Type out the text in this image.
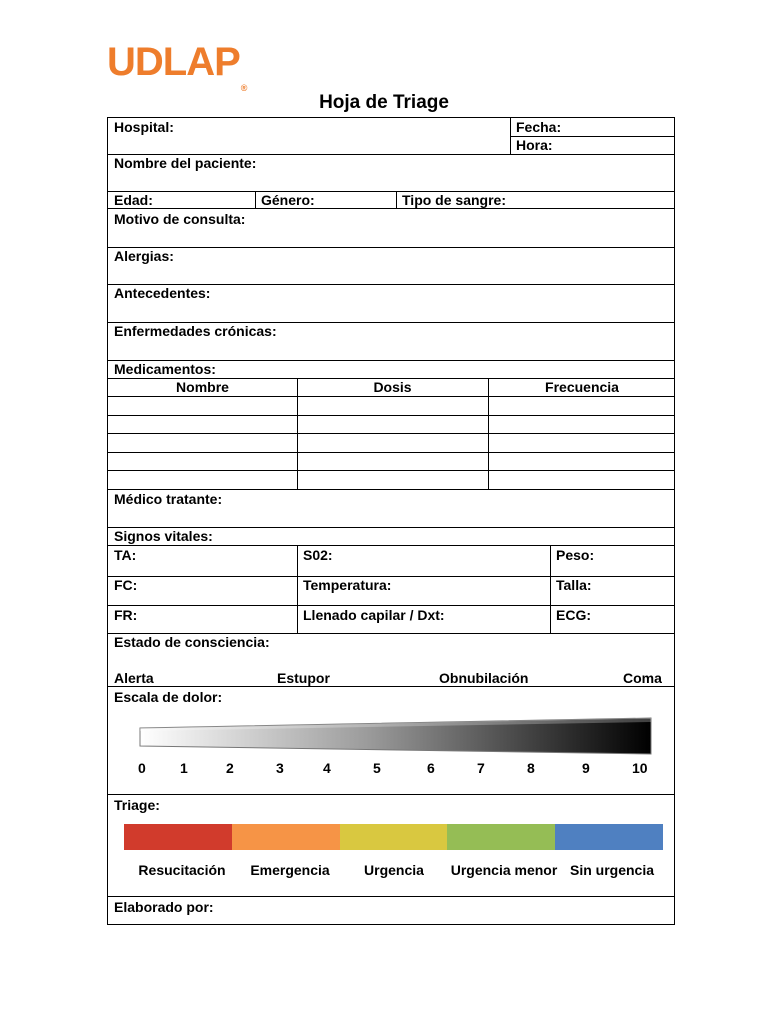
UDLAP®
Hoja de Triage
Hospital:	Fecha:
Hora:
Nombre del paciente:
Edad:	Género:	Tipo de sangre:
Motivo de consulta:
Alergias:
Antecedentes:
Enfermedades crónicas:
Medicamentos:
Nombre	Dosis	Frecuencia
Médico tratante:
Signos vitales:
TA:	S02:	Peso:
FC:	Temperatura:	Talla:
FR:	Llenado capilar / Dxt:	ECG:
Estado de consciencia:
Alerta	Estupor	Obnubilación	Coma
Escala de dolor:
0 1	2	3	4	5	6	7	8	9	10
Triage:
Resucitación	Emergencia	Urgencia	Urgencia menor Sin urgencia
Elaborado por:
